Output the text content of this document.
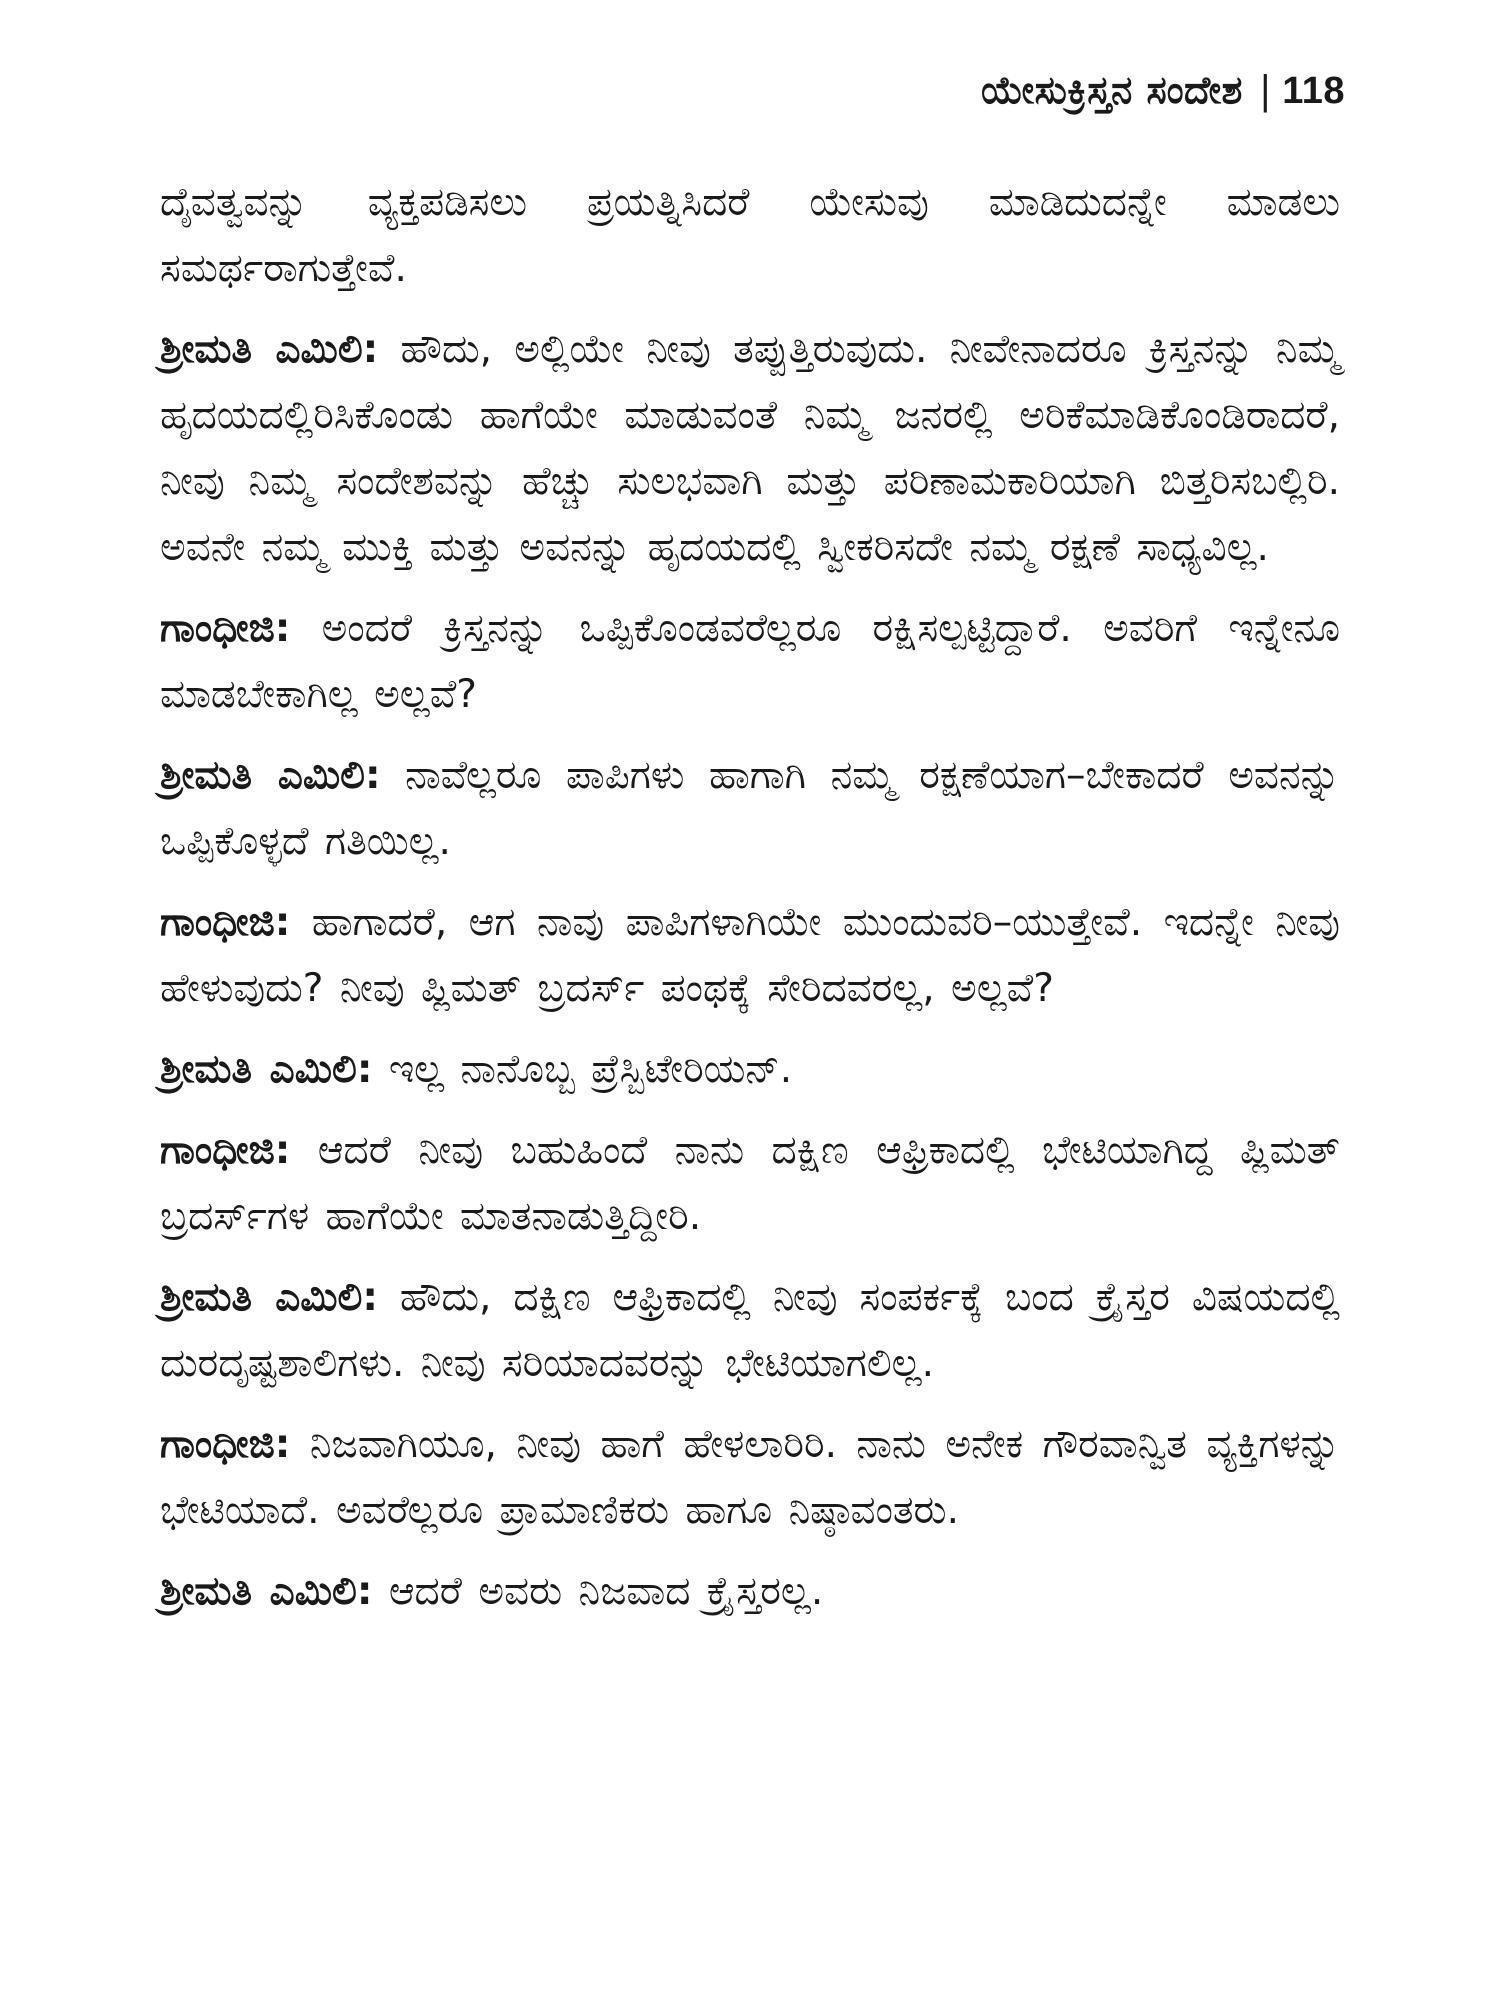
ಯೇಸುಕ್ರಿಸ್ತನ ಸಂದೇಶ | 118

ದೈವತ್ವವನ್ನು ವ್ಯಕ್ತಪಡಿಸಲು ಪ್ರಯತ್ನಿಸಿದರೆ ಯೇಸುವು ಮಾಡಿದುದನ್ನೇ ಮಾಡಲು ಸಮರ್ಥರಾಗುತ್ತೇವೆ.

ಶ್ರೀಮತಿ ಎಮಿಲಿ: ಹೌದು, ಅಲ್ಲಿಯೇ ನೀವು ತಪ್ಪುತ್ತಿರುವುದು. ನೀವೇನಾದರೂ ಕ್ರಿಸ್ತನನ್ನು ನಿಮ್ಮ ಹೃದಯದಲ್ಲಿರಿಸಿಕೊಂಡು ಹಾಗೆಯೇ ಮಾಡುವಂತೆ ನಿಮ್ಮ ಜನರಲ್ಲಿ ಅರಿಕೆಮಾಡಿಕೊಂಡಿರಾದರೆ, ನೀವು ನಿಮ್ಮ ಸಂದೇಶವನ್ನು ಹೆಚ್ಚು ಸುಲಭವಾಗಿ ಮತ್ತು ಪರಿಣಾಮಕಾರಿಯಾಗಿ ಬಿತ್ತರಿಸಬಲ್ಲಿರಿ. ಅವನೇ ನಮ್ಮ ಮುಕ್ತಿ ಮತ್ತು ಅವನನ್ನು ಹೃದಯದಲ್ಲಿ ಸ್ವೀಕರಿಸದೇ ನಮ್ಮ ರಕ್ಷಣೆ ಸಾಧ್ಯವಿಲ್ಲ.

ಗಾಂಧೀಜಿ: ಅಂದರೆ ಕ್ರಿಸ್ತನನ್ನು ಒಪ್ಪಿಕೊಂಡವರೆಲ್ಲರೂ ರಕ್ಷಿಸಲ್ಪಟ್ಟಿದ್ದಾರೆ. ಅವರಿಗೆ ಇನ್ನೇನೂ ಮಾಡಬೇಕಾಗಿಲ್ಲ ಅಲ್ಲವೆ?

ಶ್ರೀಮತಿ ಎಮಿಲಿ: ನಾವೆಲ್ಲರೂ ಪಾಪಿಗಳು ಹಾಗಾಗಿ ನಮ್ಮ ರಕ್ಷಣೆಯಾಗ–ಬೇಕಾದರೆ ಅವನನ್ನು ಒಪ್ಪಿಕೊಳ್ಳದೆ ಗತಿಯಿಲ್ಲ.

ಗಾಂಧೀಜಿ: ಹಾಗಾದರೆ, ಆಗ ನಾವು ಪಾಪಿಗಳಾಗಿಯೇ ಮುಂದುವರಿ–ಯುತ್ತೇವೆ. ಇದನ್ನೇ ನೀವು ಹೇಳುವುದು? ನೀವು ಪ್ಲಿಮತ್ ಬ್ರದರ್ಸ್ ಪಂಥಕ್ಕೆ ಸೇರಿದವರಲ್ಲ, ಅಲ್ಲವೆ?

ಶ್ರೀಮತಿ ಎಮಿಲಿ: ಇಲ್ಲ ನಾನೊಬ್ಬ ಪ್ರೆಸ್ಬಿಟೇರಿಯನ್.

ಗಾಂಧೀಜಿ: ಆದರೆ ನೀವು ಬಹುಹಿಂದೆ ನಾನು ದಕ್ಷಿಣ ಆಫ್ರಿಕಾದಲ್ಲಿ ಭೇಟಿಯಾಗಿದ್ದ ಪ್ಲಿಮತ್ ಬ್ರದರ್ಸ್‌ಗಳ ಹಾಗೆಯೇ ಮಾತನಾಡುತ್ತಿದ್ದೀರಿ.

ಶ್ರೀಮತಿ ಎಮಿಲಿ: ಹೌದು, ದಕ್ಷಿಣ ಆಫ್ರಿಕಾದಲ್ಲಿ ನೀವು ಸಂಪರ್ಕಕ್ಕೆ ಬಂದ ಕ್ರೈಸ್ತರ ವಿಷಯದಲ್ಲಿ ದುರದೃಷ್ಟಶಾಲಿಗಳು. ನೀವು ಸರಿಯಾದವರನ್ನು ಭೇಟಿಯಾಗಲಿಲ್ಲ.

ಗಾಂಧೀಜಿ: ನಿಜವಾಗಿಯೂ, ನೀವು ಹಾಗೆ ಹೇಳಲಾರಿರಿ. ನಾನು ಅನೇಕ ಗೌರವಾನ್ವಿತ ವ್ಯಕ್ತಿಗಳನ್ನು ಭೇಟಿಯಾದೆ. ಅವರೆಲ್ಲರೂ ಪ್ರಾಮಾಣಿಕರು ಹಾಗೂ ನಿಷ್ಠಾವಂತರು.

ಶ್ರೀಮತಿ ಎಮಿಲಿ: ಆದರೆ ಅವರು ನಿಜವಾದ ಕ್ರೈಸ್ತರಲ್ಲ.
